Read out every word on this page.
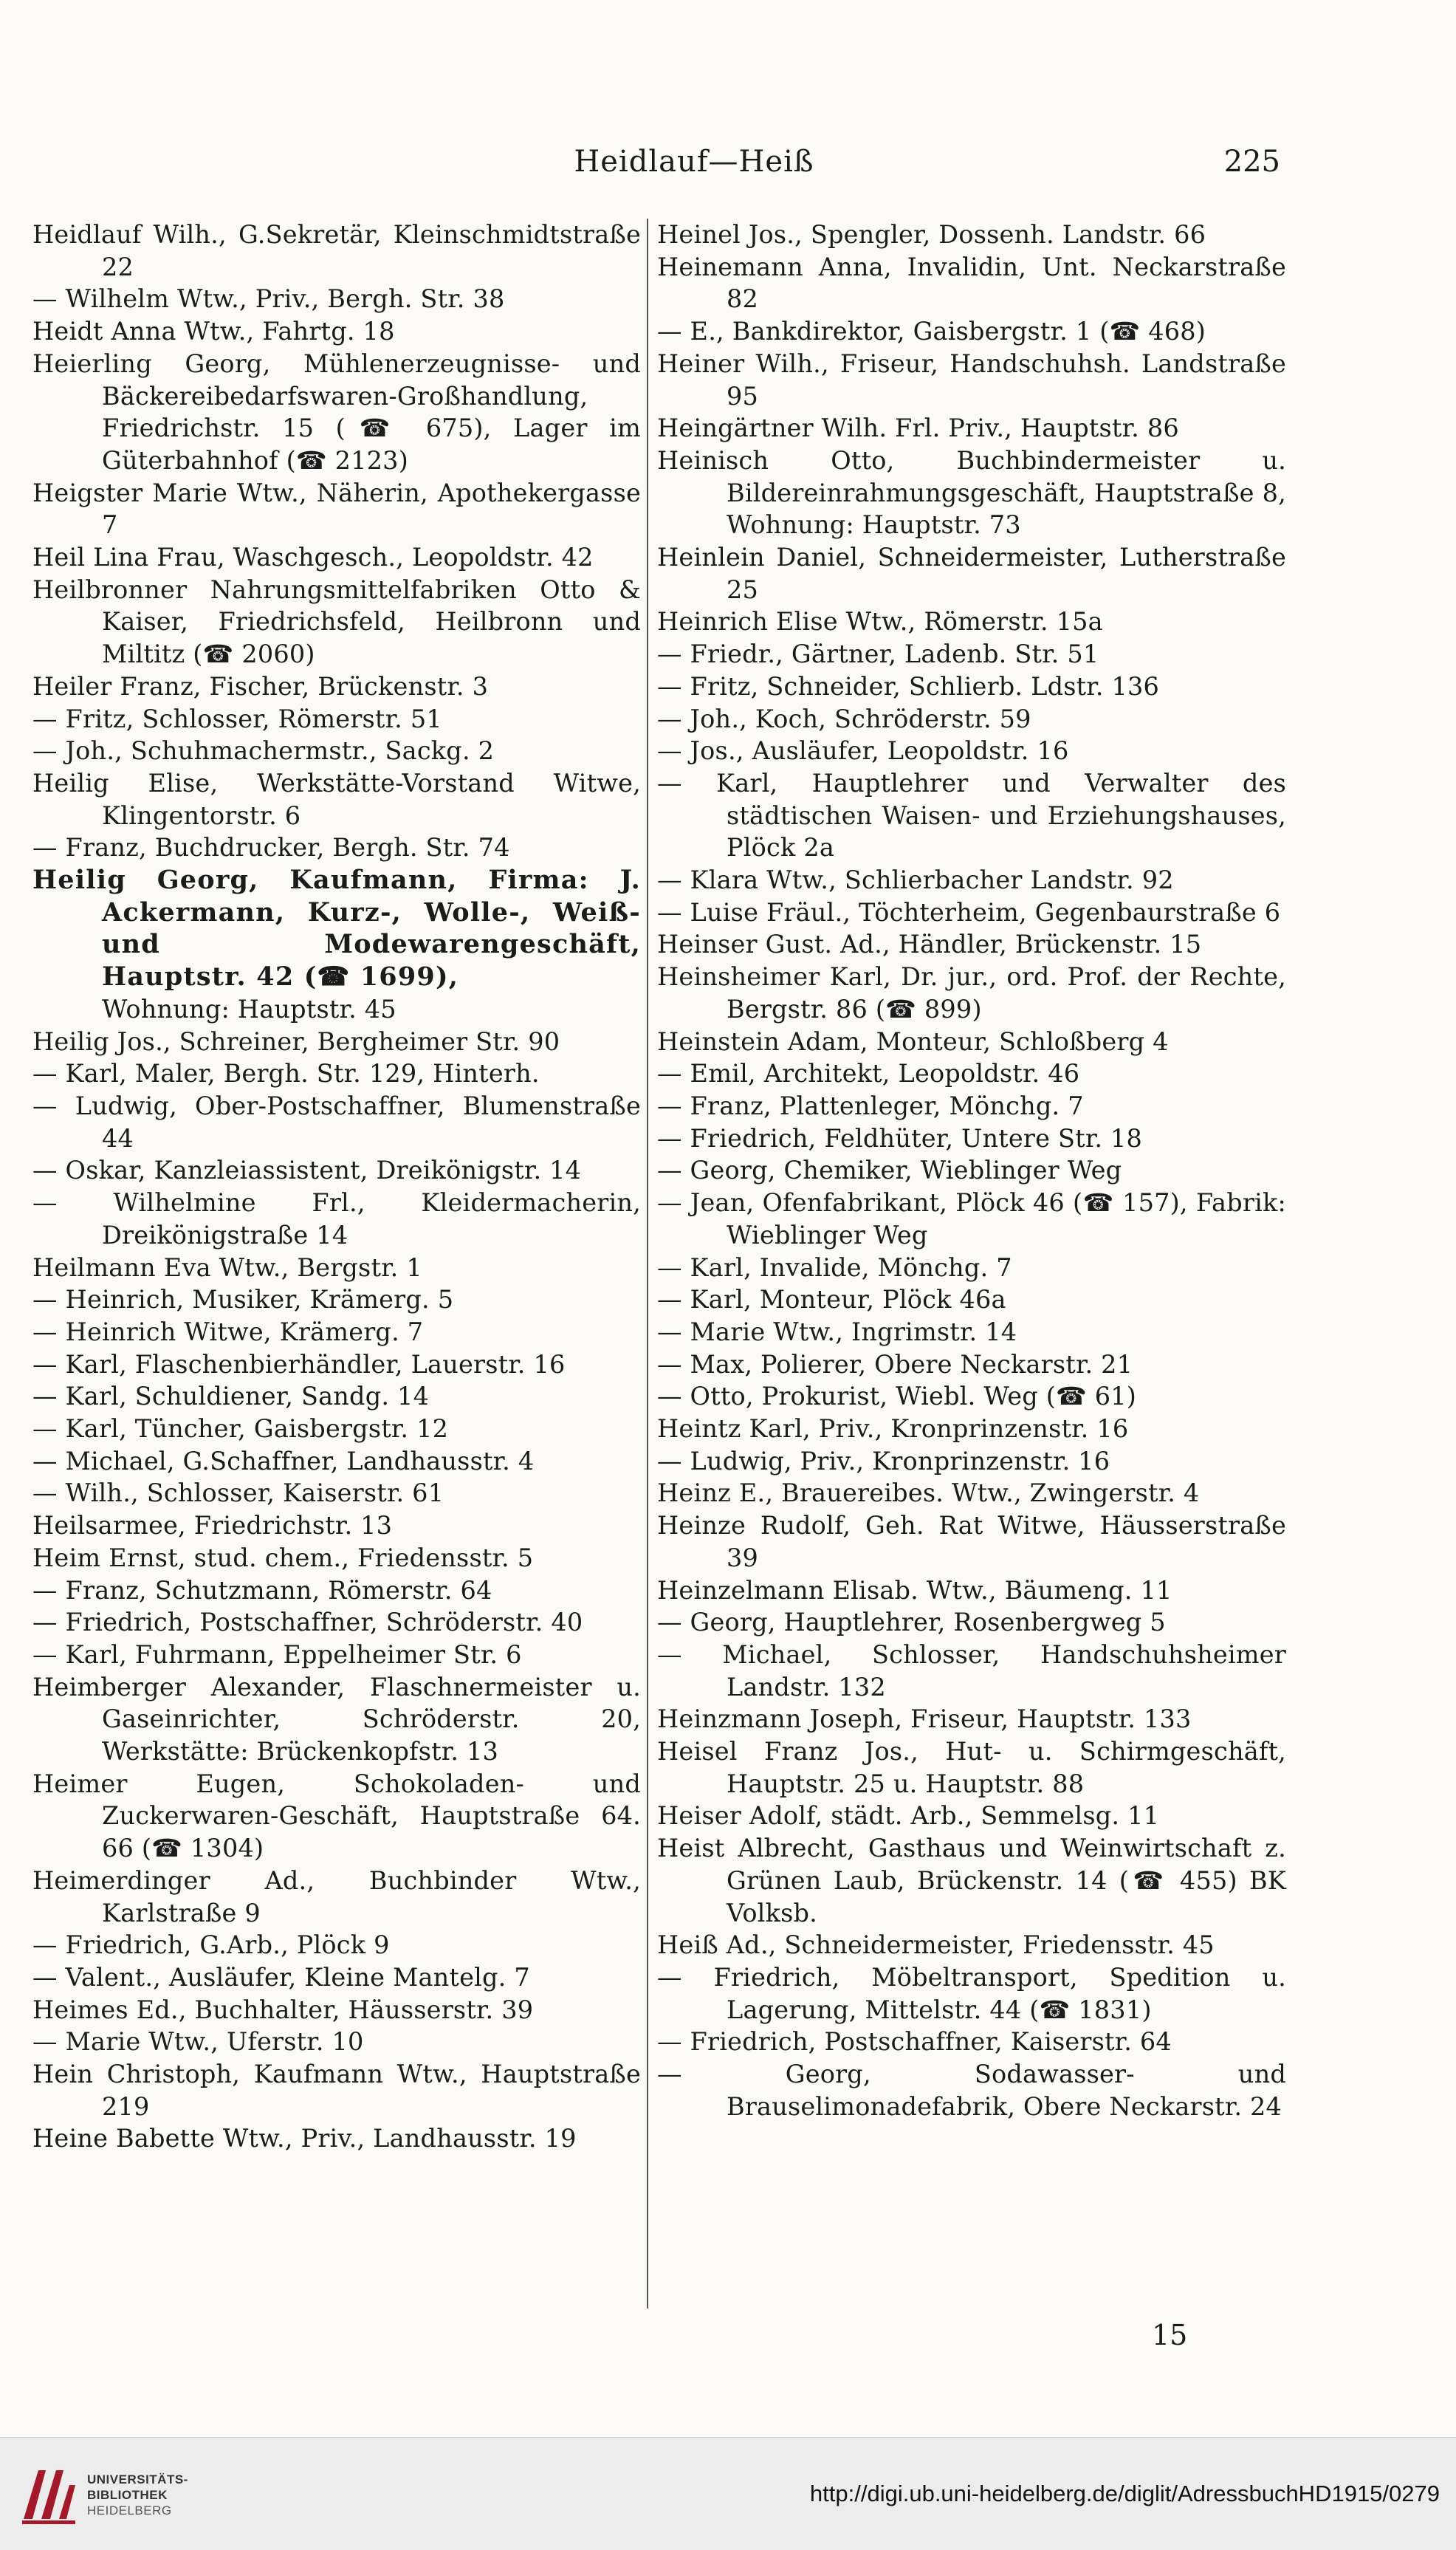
Heidlauf—Heiß	225
Heidlauf Wilh., G.Sekretär, Kleinschmidtstraße 22
— Wilhelm Wtw., Priv., Bergh. Str. 38
Heidt Anna Wtw., Fahrtg. 18
Heierling Georg, Mühlenerzeugnisse- und Bäckereibedarfswaren-Großhandlung, Friedrichstr. 15 (☎ 675), Lager im Güterbahnhof (☎ 2123)
Heigster Marie Wtw., Näherin, Apothekergasse 7
Heil Lina Frau, Waschgesch., Leopoldstr. 42
Heilbronner Nahrungsmittelfabriken Otto & Kaiser, Friedrichsfeld, Heilbronn und Miltitz (☎ 2060)
Heiler Franz, Fischer, Brückenstr. 3
— Fritz, Schlosser, Römerstr. 51
— Joh., Schuhmachermstr., Sackg. 2
Heilig Elise, Werkstätte-Vorstand Witwe, Klingentorstr. 6
— Franz, Buchdrucker, Bergh. Str. 74
Heilig Georg, Kaufmann, Firma: J. Ackermann, Kurz-, Wolle-, Weiß- und Modewarengeschäft, Hauptstr. 42 (☎ 1699),
Wohnung: Hauptstr. 45
Heilig Jos., Schreiner, Bergheimer Str. 90
— Karl, Maler, Bergh. Str. 129, Hinterh.
— Ludwig, Ober-Postschaffner, Blumenstraße 44
— Oskar, Kanzleiassistent, Dreikönigstr. 14
— Wilhelmine Frl., Kleidermacherin, Dreikönigstraße 14
Heilmann Eva Wtw., Bergstr. 1
— Heinrich, Musiker, Krämerg. 5
— Heinrich Witwe, Krämerg. 7
— Karl, Flaschenbierhändler, Lauerstr. 16
— Karl, Schuldiener, Sandg. 14
— Karl, Tüncher, Gaisbergstr. 12
— Michael, G.Schaffner, Landhausstr. 4
— Wilh., Schlosser, Kaiserstr. 61
Heilsarmee, Friedrichstr. 13
Heim Ernst, stud. chem., Friedensstr. 5
— Franz, Schutzmann, Römerstr. 64
— Friedrich, Postschaffner, Schröderstr. 40
— Karl, Fuhrmann, Eppelheimer Str. 6
Heimberger Alexander, Flaschnermeister u. Gaseinrichter, Schröderstr. 20, Werkstätte: Brückenkopfstr. 13
Heimer Eugen, Schokoladen- und Zuckerwaren-Geschäft, Hauptstraße 64. 66 (☎ 1304)
Heimerdinger Ad., Buchbinder Wtw., Karlstraße 9
— Friedrich, G.Arb., Plöck 9
— Valent., Ausläufer, Kleine Mantelg. 7
Heimes Ed., Buchhalter, Häusserstr. 39
— Marie Wtw., Uferstr. 10
Hein Christoph, Kaufmann Wtw., Hauptstraße 219
Heine Babette Wtw., Priv., Landhausstr. 19
Heinel Jos., Spengler, Dossenh. Landstr. 66
Heinemann Anna, Invalidin, Unt. Neckarstraße 82
— E., Bankdirektor, Gaisbergstr. 1 (☎ 468)
Heiner Wilh., Friseur, Handschuhsh. Landstraße 95
Heingärtner Wilh. Frl. Priv., Hauptstr. 86
Heinisch Otto, Buchbindermeister u. Bildereinrahmungsgeschäft, Hauptstraße 8, Wohnung: Hauptstr. 73
Heinlein Daniel, Schneidermeister, Lutherstraße 25
Heinrich Elise Wtw., Römerstr. 15a
— Friedr., Gärtner, Ladenb. Str. 51
— Fritz, Schneider, Schlierb. Ldstr. 136
— Joh., Koch, Schröderstr. 59
— Jos., Ausläufer, Leopoldstr. 16
— Karl, Hauptlehrer und Verwalter des städtischen Waisen- und Erziehungshauses, Plöck 2a
— Klara Wtw., Schlierbacher Landstr. 92
— Luise Fräul., Töchterheim, Gegenbaurstraße 6
Heinser Gust. Ad., Händler, Brückenstr. 15
Heinsheimer Karl, Dr. jur., ord. Prof. der Rechte, Bergstr. 86 (☎ 899)
Heinstein Adam, Monteur, Schloßberg 4
— Emil, Architekt, Leopoldstr. 46
— Franz, Plattenleger, Mönchg. 7
— Friedrich, Feldhüter, Untere Str. 18
— Georg, Chemiker, Wieblinger Weg
— Jean, Ofenfabrikant, Plöck 46 (☎ 157), Fabrik: Wieblinger Weg
— Karl, Invalide, Mönchg. 7
— Karl, Monteur, Plöck 46a
— Marie Wtw., Ingrimstr. 14
— Max, Polierer, Obere Neckarstr. 21
— Otto, Prokurist, Wiebl. Weg (☎ 61)
Heintz Karl, Priv., Kronprinzenstr. 16
— Ludwig, Priv., Kronprinzenstr. 16
Heinz E., Brauereibes. Wtw., Zwingerstr. 4
Heinze Rudolf, Geh. Rat Witwe, Häusserstraße 39
Heinzelmann Elisab. Wtw., Bäumeng. 11
— Georg, Hauptlehrer, Rosenbergweg 5
— Michael, Schlosser, Handschuhsheimer Landstr. 132
Heinzmann Joseph, Friseur, Hauptstr. 133
Heisel Franz Jos., Hut- u. Schirmgeschäft, Hauptstr. 25 u. Hauptstr. 88
Heiser Adolf, städt. Arb., Semmelsg. 11
Heist Albrecht, Gasthaus und Weinwirtschaft z. Grünen Laub, Brückenstr. 14 (☎ 455) BK Volksb.
Heiß Ad., Schneidermeister, Friedensstr. 45
— Friedrich, Möbeltransport, Spedition u. Lagerung, Mittelstr. 44 (☎ 1831)
— Friedrich, Postschaffner, Kaiserstr. 64
— Georg, Sodawasser- und Brauselimonadefabrik, Obere Neckarstr. 24
15
UNIVERSITÄTS-
BIBLIOTHEK
HEIDELBERG
http://digi.ub.uni-heidelberg.de/diglit/AdressbuchHD1915/0279
